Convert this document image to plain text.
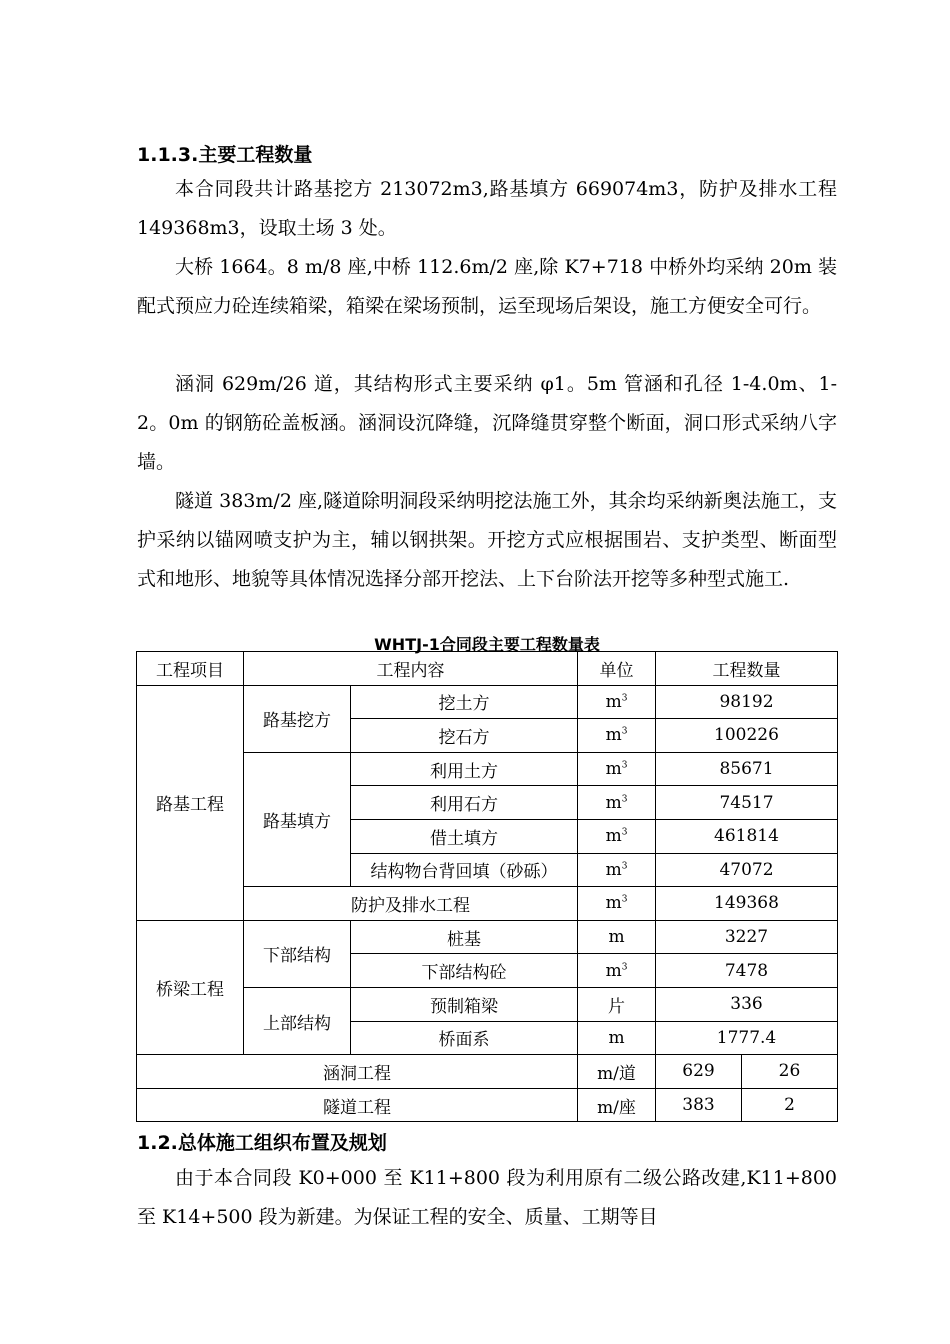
1.1.3.主要工程数量

本合同段共计路基挖方 213072m3,路基填方 669074m3，防护及排水工程 149368m3，设取土场 3 处。

大桥 1664。8 m/8 座,中桥 112.6m/2 座,除 K7+718 中桥外均采纳 20m 装配式预应力砼连续箱梁，箱梁在梁场预制，运至现场后架设，施工方便安全可行。

涵洞 629m/26 道，其结构形式主要采纳 φ1。5m 管涵和孔径 1-4.0m、1-2。0m 的钢筋砼盖板涵。涵洞设沉降缝，沉降缝贯穿整个断面，洞口形式采纳八字墙。

隧道 383m/2 座,隧道除明洞段采纳明挖法施工外，其余均采纳新奥法施工，支护采纳以锚网喷支护为主，辅以钢拱架。开挖方式应根据围岩、支护类型、断面型式和地形、地貌等具体情况选择分部开挖法、上下台阶法开挖等多种型式施工.

WHTJ-1合同段主要工程数量表
工程项目	工程内容		单位	工程数量	
路基工程	路基挖方	挖土方	$m^3$	98192	
		挖石方	$m^3$	100226	
	路基填方	利用土方	$m^3$	85671	
		利用石方	$m^3$	74517	
		借土填方	$m^3$	461814	
		结构物台背回填（砂砾）	$m^3$	47072	
	防护及排水工程		$m^3$	149368	
桥梁工程	下部结构	桩基	m	3227	
		下部结构砼	$m^3$	7478	
	上部结构	预制箱梁	片	336	
		桥面系	m	1777.4	
涵洞工程			m/道	629	26
隧道工程			m/座	383	2
1.2.总体施工组织布置及规划

由于本合同段 K0+000 至 K11+800 段为利用原有二级公路改建,K11+800 至 K14+500 段为新建。为保证工程的安全、质量、工期等目
